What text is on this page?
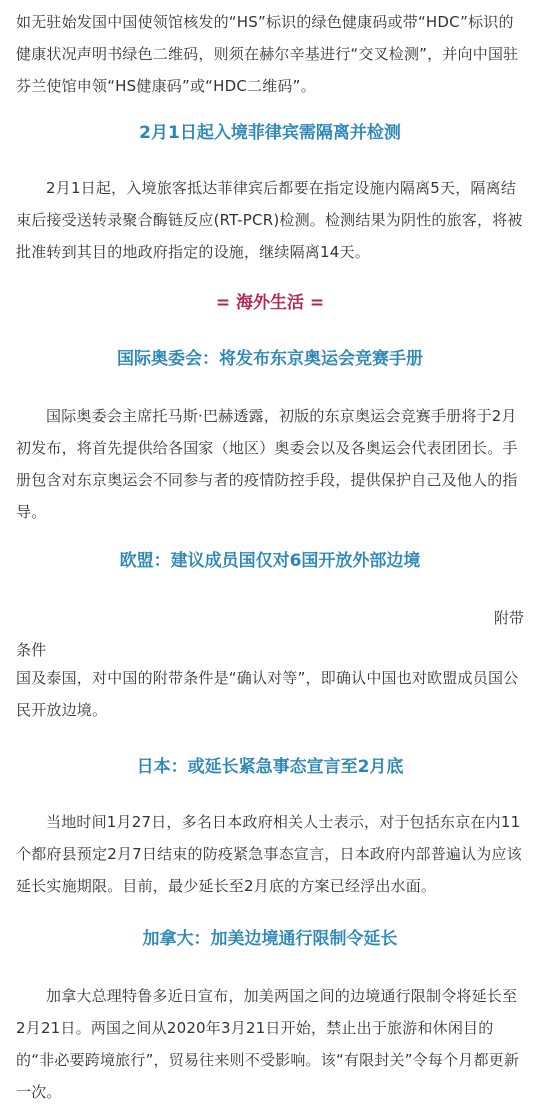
如无驻始发国中国使领馆核发的“HS”标识的绿色健康码或带“HDC”标识的健康状况声明书绿色二维码，则须在赫尔辛基进行“交叉检测”，并向中国驻芬兰使馆申领“HS健康码”或“HDC二维码”。

2月1日起入境菲律宾需隔离并检测

2月1日起，入境旅客抵达菲律宾后都要在指定设施内隔离5天，隔离结束后接受送转录聚合酶链反应(RT-PCR)检测。检测结果为阴性的旅客，将被批准转到其目的地政府指定的设施，继续隔离14天。

= 海外生活 =
国际奥委会：将发布东京奥运会竞赛手册

国际奥委会主席托马斯·巴赫透露，初版的东京奥运会竞赛手册将于2月初发布，将首先提供给各国家（地区）奥委会以及各奥运会代表团团长。手册包含对东京奥运会不同参与者的疫情防控手段，提供保护自己及他人的指导。

欧盟：建议成员国仅对6国开放外部边境

附带

条件

国及泰国，对中国的附带条件是“确认对等”，即确认中国也对欧盟成员国公民开放边境。

日本：或延长紧急事态宣言至2月底

当地时间1月27日，多名日本政府相关人士表示，对于包括东京在内11个都府县预定2月7日结束的防疫紧急事态宣言，日本政府内部普遍认为应该延长实施期限。目前，最少延长至2月底的方案已经浮出水面。

加拿大：加美边境通行限制令延长

加拿大总理特鲁多近日宣布，加美两国之间的边境通行限制令将延长至2月21日。两国之间从2020年3月21日开始，禁止出于旅游和休闲目的的“非必要跨境旅行”，贸易往来则不受影响。该“有限封关”令每个月都更新一次。
